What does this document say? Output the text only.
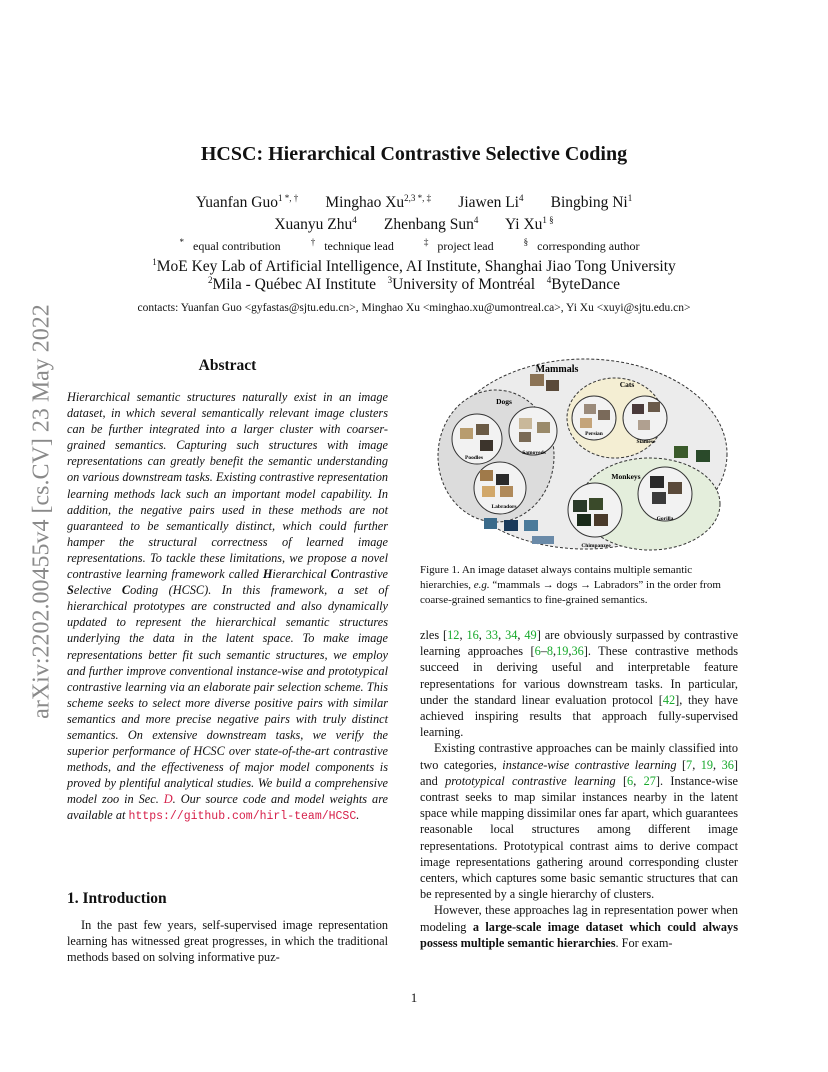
arXiv:2202.00455v4 [cs.CV] 23 May 2022
HCSC: Hierarchical Contrastive Selective Coding
Yuanfan Guo$^{1 *, \dagger}$   Minghao $Xu^{2,3 *, \ddagger}$   Jiawen Li$^4$   Bingbing Ni$^1$
Xuanyu Zhu$^4$   Zhenbang Sun$^4$   Yi $Xu^{1 \S}$
* equal contribution	† technique lead	‡ project lead	§ corresponding author
$^1$MoE Key Lab of Artificial Intelligence, AI Institute, Shanghai Jiao Tong University
$^2$Mila - Québec AI Institute  $^3$University of Montréal  $^4$ByteDance
contacts: Yuanfan Guo <gyfastas@sjtu.edu.cn>, Minghao Xu <minghao.xu@umontreal.ca>, Yi Xu <xuyi@sjtu.edu.cn>
Abstract
Hierarchical semantic structures naturally exist in an image dataset, in which several semantically relevant image clusters can be further integrated into a larger cluster with coarser-grained semantics. Capturing such structures with image representations can greatly benefit the semantic understanding on various downstream tasks. Existing contrastive representation learning methods lack such an important model capability. In addition, the negative pairs used in these methods are not guaranteed to be semantically distinct, which could further hamper the structural correctness of learned image representations. To tackle these limitations, we propose a novel contrastive learning framework called Hierarchical Contrastive Selective Coding (HCSC). In this framework, a set of hierarchical prototypes are constructed and also dynamically updated to represent the hierarchical semantic structures underlying the data in the latent space. To make image representations better fit such semantic structures, we employ and further improve conventional instance-wise and prototypical contrastive learning via an elaborate pair selection scheme. This scheme seeks to select more diverse positive pairs with similar semantics and more precise negative pairs with truly distinct semantics. On extensive downstream tasks, we verify the superior performance of HCSC over state-of-the-art contrastive methods, and the effectiveness of major model components is proved by plentiful analytical studies. We build a comprehensive model zoo in Sec. D. Our source code and model weights are available at https://github.com/hirl-team/HCSC.
1. Introduction

In the past few years, self-supervised image representation learning has witnessed great progresses, in which the traditional methods based on solving informative puz-

Mammals
Dogs
Cats
Monkeys
Poodles
Samoyeds
Labradors
Persian
Siamese
Gorilla
Chimpanzee
Figure 1. An image dataset always contains multiple semantic hierarchies, e.g. “mammals → dogs → Labradors” in the order from coarse-grained semantics to fine-grained semantics.

zles [12, 16, 33, 34, 49] are obviously surpassed by contrastive learning approaches [6–8,19,36]. These contrastive methods succeed in deriving useful and interpretable feature representations for various downstream tasks. In particular, under the standard linear evaluation protocol [42], they have achieved inspiring results that approach fully-supervised learning.

Existing contrastive approaches can be mainly classified into two categories, instance-wise contrastive learning [7, 19, 36] and prototypical contrastive learning [6, 27]. Instance-wise contrast seeks to map similar instances nearby in the latent space while mapping dissimilar ones far apart, which guarantees reasonable local structures among different image representations. Prototypical contrast aims to derive compact image representations gathering around corresponding cluster centers, which captures some basic semantic structures that can be represented by a single hierarchy of clusters.

However, these approaches lag in representation power when modeling a large-scale image dataset which could always possess multiple semantic hierarchies. For exam-

1
